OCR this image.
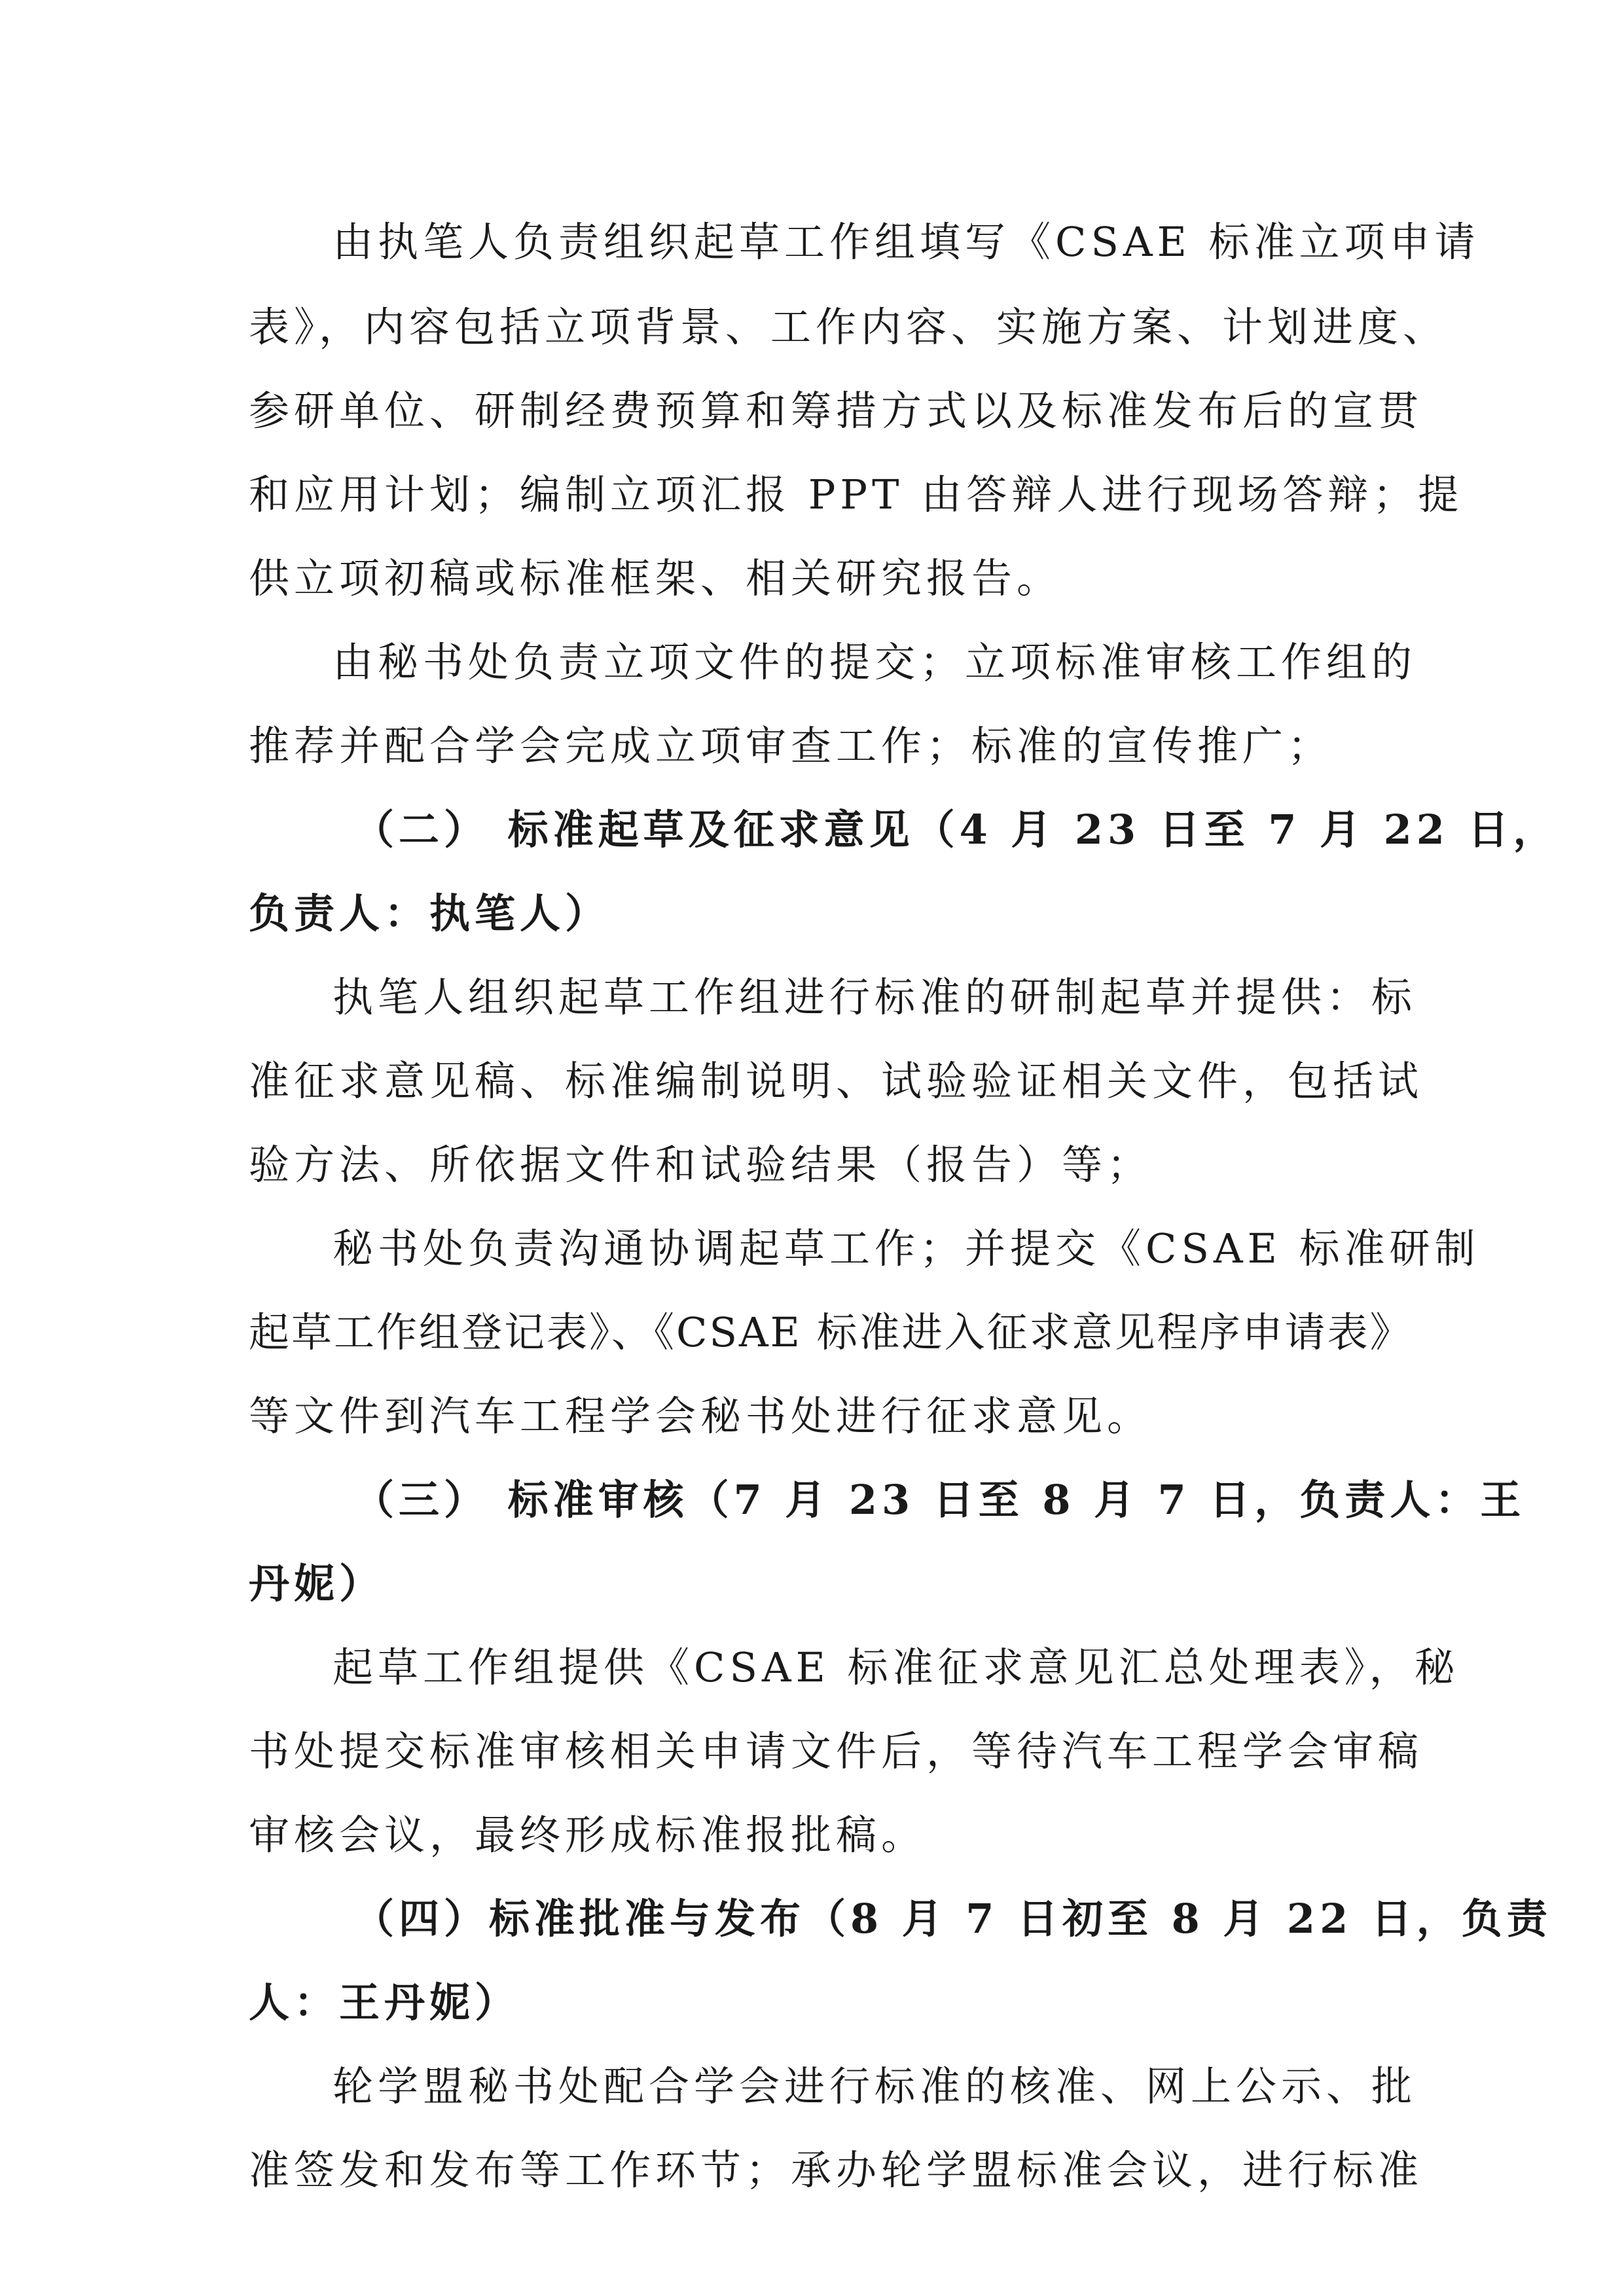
由执笔人负责组织起草工作组填写《CSAE 标准立项申请
表》，内容包括立项背景、工作内容、实施方案、计划进度、
参研单位、研制经费预算和筹措方式以及标准发布后的宣贯
和应用计划；编制立项汇报 PPT 由答辩人进行现场答辩；提
供立项初稿或标准框架、相关研究报告。
由秘书处负责立项文件的提交；立项标准审核工作组的
推荐并配合学会完成立项审查工作；标准的宣传推广；
（二） 标准起草及征求意见（4 月 23 日至 7 月 22 日，
负责人：执笔人）
执笔人组织起草工作组进行标准的研制起草并提供：标
准征求意见稿、标准编制说明、试验验证相关文件，包括试
验方法、所依据文件和试验结果（报告）等；
秘书处负责沟通协调起草工作；并提交《CSAE 标准研制
起草工作组登记表》、《CSAE 标准进入征求意见程序申请表》
等文件到汽车工程学会秘书处进行征求意见。
（三） 标准审核（7 月 23 日至 8 月 7 日，负责人：王
丹妮）
起草工作组提供《CSAE 标准征求意见汇总处理表》，秘
书处提交标准审核相关申请文件后，等待汽车工程学会审稿
审核会议，最终形成标准报批稿。
（四）标准批准与发布（8 月 7 日初至 8 月 22 日，负责
人：王丹妮）
轮学盟秘书处配合学会进行标准的核准、网上公示、批
准签发和发布等工作环节；承办轮学盟标准会议，进行标准
